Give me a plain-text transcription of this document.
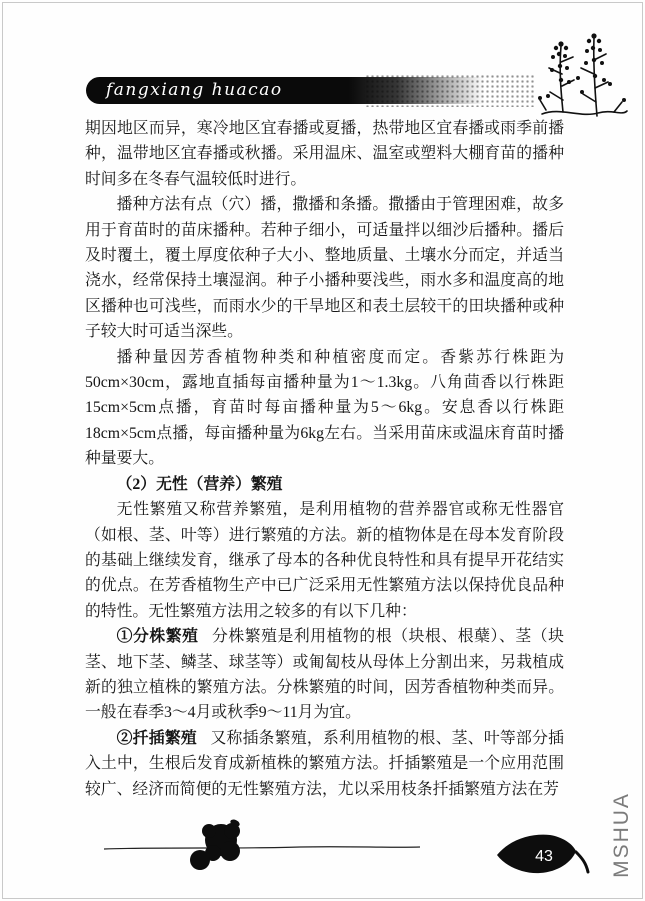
fangxiang huacao

期因地区而异，寒冷地区宜春播或夏播，热带地区宜春播或雨季前播种，温带地区宜春播或秋播。采用温床、温室或塑料大棚育苗的播种时间多在冬春气温较低时进行。

播种方法有点（穴）播，撒播和条播。撒播由于管理困难，故多用于育苗时的苗床播种。若种子细小，可适量拌以细沙后播种。播后及时覆土，覆土厚度依种子大小、整地质量、土壤水分而定，并适当浇水，经常保持土壤湿润。种子小播种要浅些，雨水多和温度高的地区播种也可浅些，而雨水少的干旱地区和表土层较干的田块播种或种子较大时可适当深些。

播种量因芳香植物种类和种植密度而定。香紫苏行株距为50cm×30cm，露地直插每亩播种量为1～1.3kg。八角茴香以行株距15cm×5cm点播，育苗时每亩播种量为5～6kg。安息香以行株距18cm×5cm点播，每亩播种量为6kg左右。当采用苗床或温床育苗时播种量要大。

（2）无性（营养）繁殖

无性繁殖又称营养繁殖，是利用植物的营养器官或称无性器官（如根、茎、叶等）进行繁殖的方法。新的植物体是在母本发育阶段的基础上继续发育，继承了母本的各种优良特性和具有提早开花结实的优点。在芳香植物生产中已广泛采用无性繁殖方法以保持优良品种的特性。无性繁殖方法用之较多的有以下几种：

①分株繁殖 分株繁殖是利用植物的根（块根、根蘖）、茎（块茎、地下茎、鳞茎、球茎等）或匍匐枝从母体上分割出来，另栽植成新的独立植株的繁殖方法。分株繁殖的时间，因芳香植物种类而异。一般在春季3～4月或秋季9～11月为宜。

②扦插繁殖 又称插条繁殖，系利用植物的根、茎、叶等部分插入土中，生根后发育成新植株的繁殖方法。扦插繁殖是一个应用范围较广、经济而简便的无性繁殖方法，尤以采用枝条扦插繁殖方法在芳

43	MSHUA
